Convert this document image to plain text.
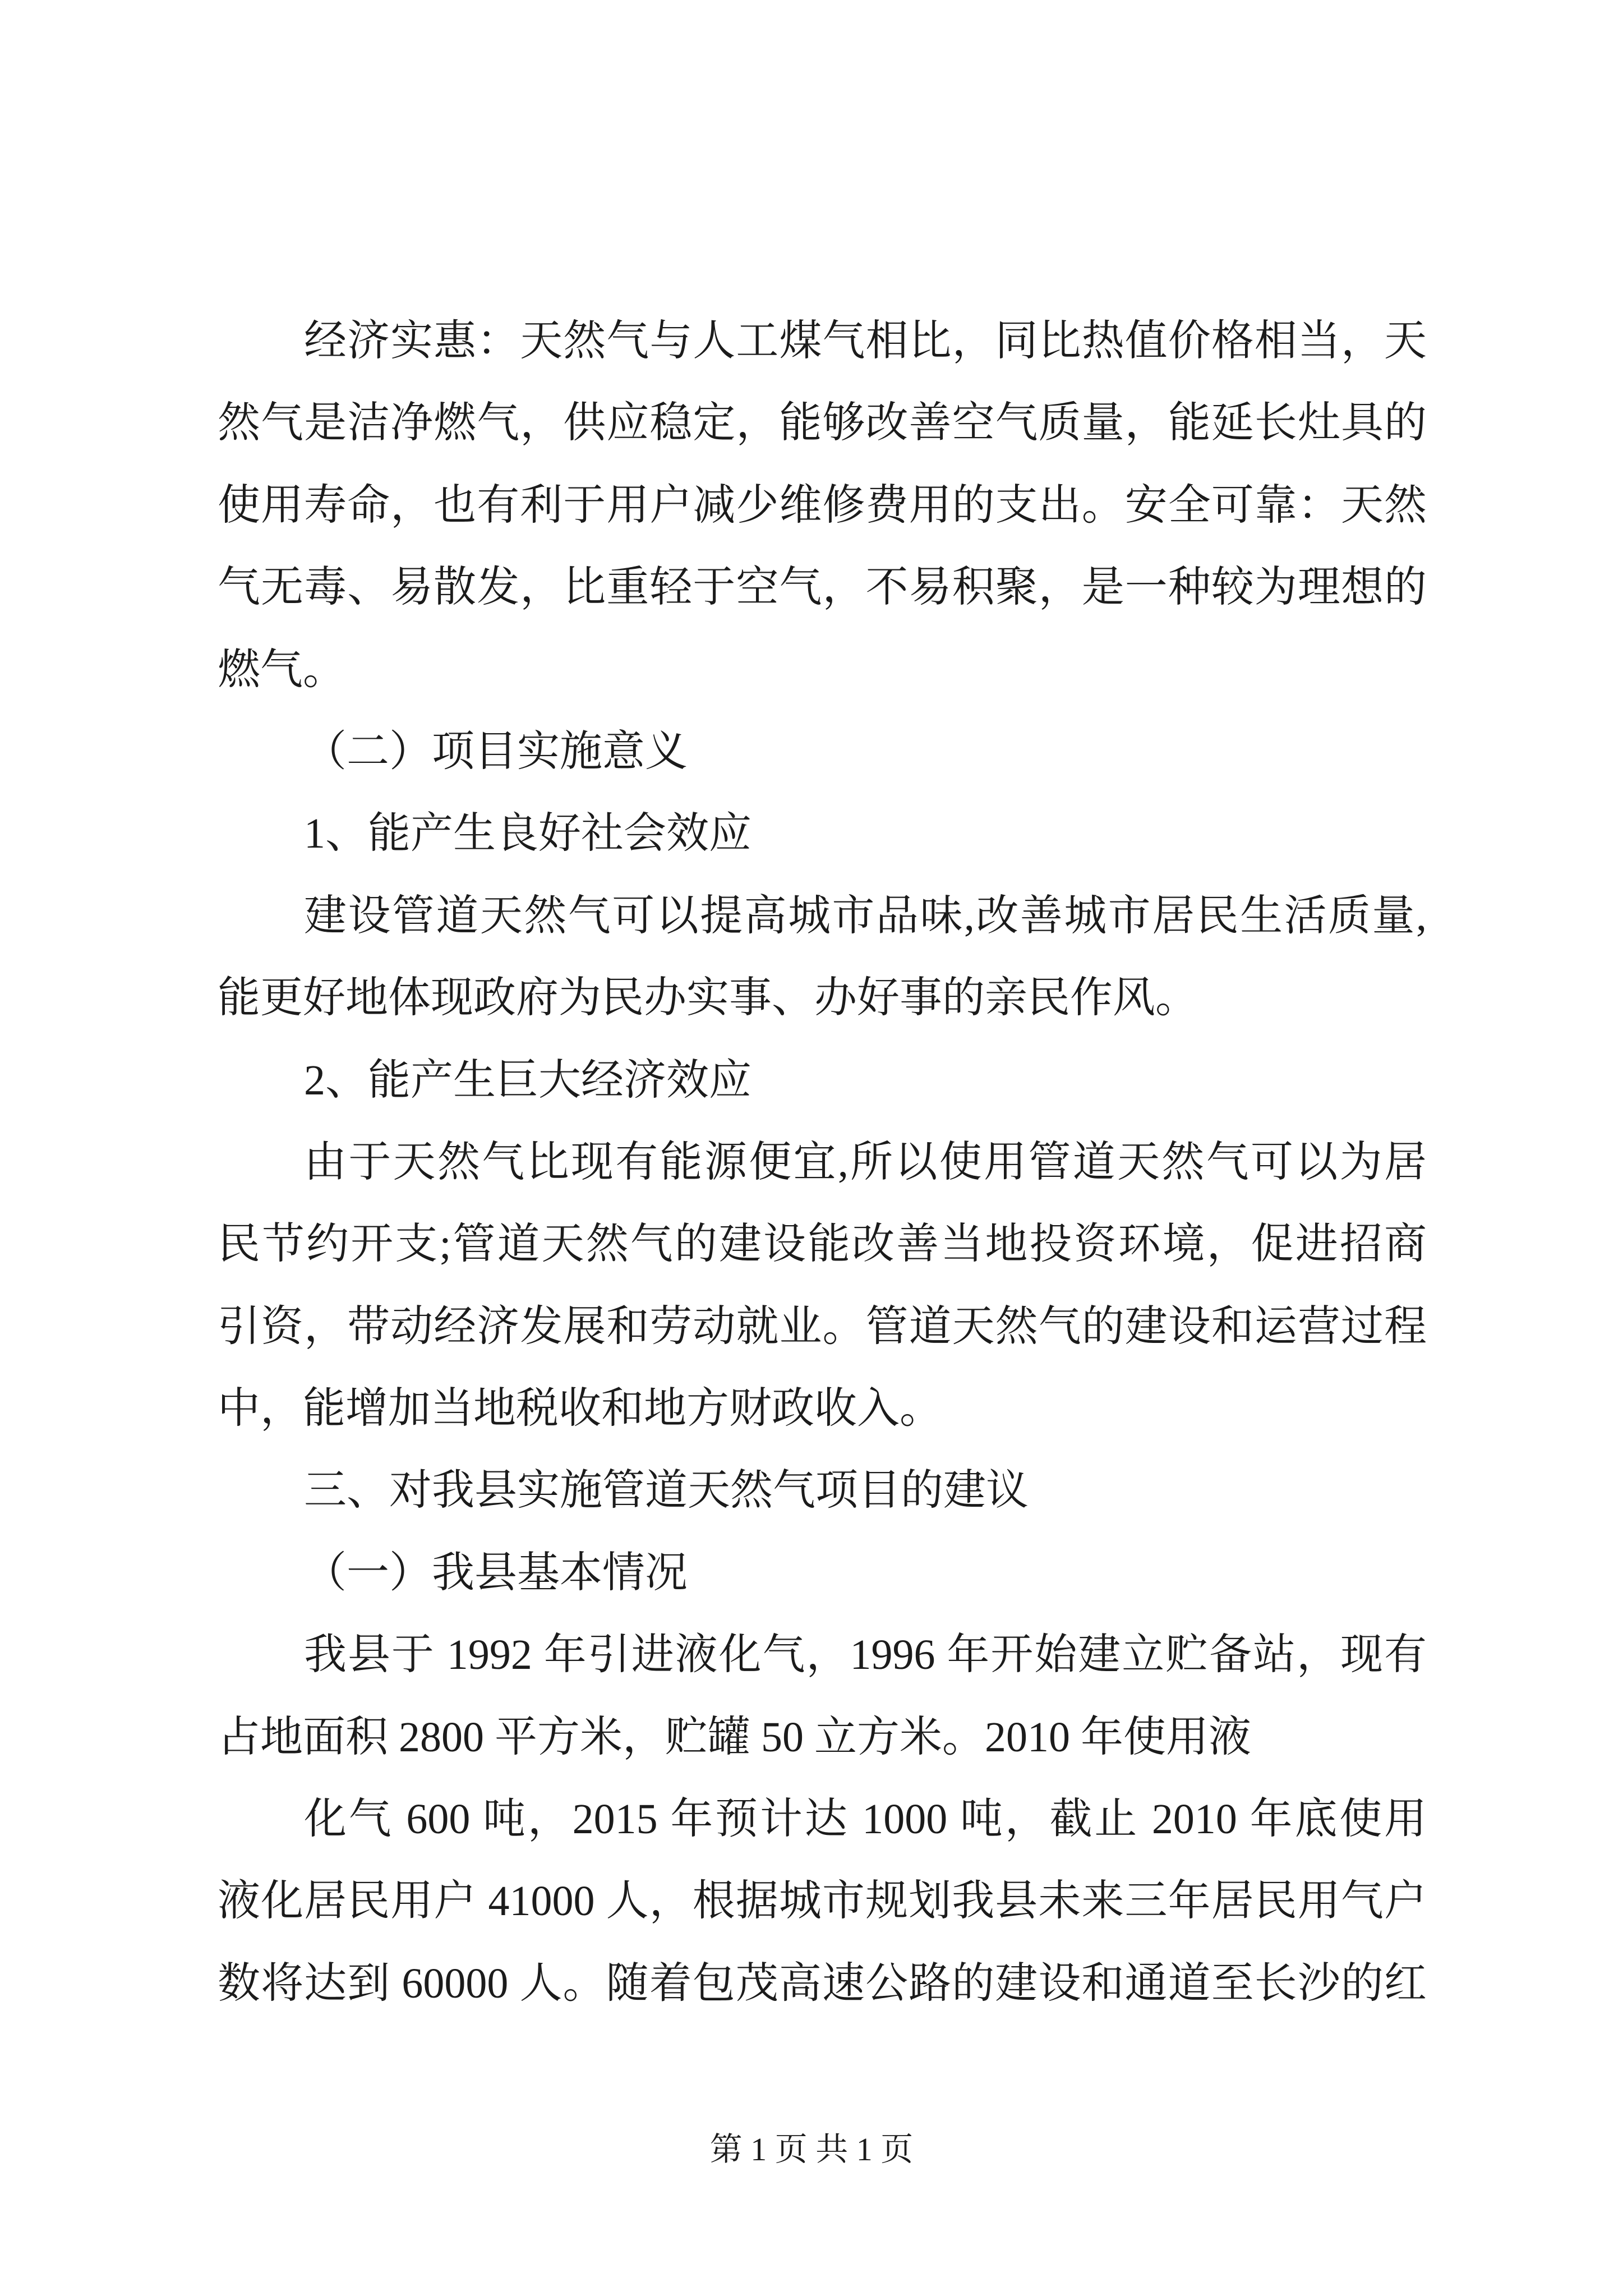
经济实惠：天然气与人工煤气相比，同比热值价格相当，天
然气是洁净燃气，供应稳定，能够改善空气质量，能延长灶具的
使用寿命，也有利于用户减少维修费用的支出。安全可靠：天然
气无毒、易散发，比重轻于空气，不易积聚，是一种较为理想的
燃气。
（二）项目实施意义
1、能产生良好社会效应
建设管道天然气可以提高城市品味,改善城市居民生活质量,
能更好地体现政府为民办实事、办好事的亲民作风。
2、能产生巨大经济效应
由于天然气比现有能源便宜,所以使用管道天然气可以为居
民节约开支;管道天然气的建设能改善当地投资环境，促进招商
引资，带动经济发展和劳动就业。管道天然气的建设和运营过程
中，能增加当地税收和地方财政收入。
三、对我县实施管道天然气项目的建议
（一）我县基本情况
我县于 1992 年引进液化气，1996 年开始建立贮备站，现有
占地面积 2800 平方米，贮罐 50 立方米。2010 年使用液
化气 600 吨，2015 年预计达 1000 吨，截止 2010 年底使用
液化居民用户 41000 人，根据城市规划我县未来三年居民用气户
数将达到 60000 人。随着包茂高速公路的建设和通道至长沙的红
第 1 页 共 1 页
